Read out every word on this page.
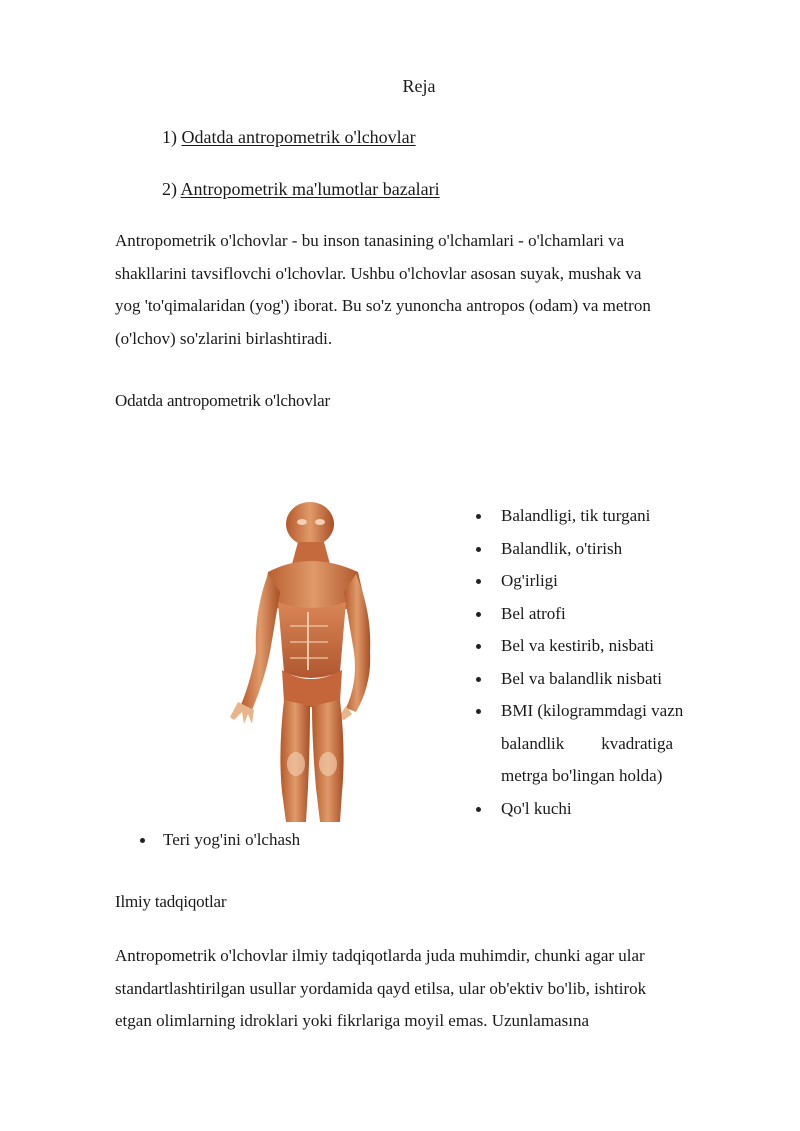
Reja
1) Odatda antropometrik o'lchovlar
2) Antropometrik ma'lumotlar bazalari
Antropometrik o'lchovlar - bu inson tanasining o'lchamlari - o'lchamlari va
shakllarini tavsiflovchi o'lchovlar. Ushbu o'lchovlar asosan suyak, mushak va
yog 'to'qimalaridan (yog') iborat. Bu so'z yunoncha antropos (odam) va metron
(o'lchov) so'zlarini birlashtiradi.
Odatda antropometrik o'lchovlar
Balandligi, tik turgani
Balandlik, o'tirish
Og'irligi
Bel atrofi
Bel va kestirib, nisbati
Bel va balandlik nisbati
BMI (kilogrammdagi vazn
balandlik kvadratiga
metrga bo'lingan holda)
Qo'l kuchi
Teri yog'ini o'lchash
Ilmiy tadqiqotlar
Antropometrik o'lchovlar ilmiy tadqiqotlarda juda muhimdir, chunki agar ular
standartlashtirilgan usullar yordamida qayd etilsa, ular ob'ektiv bo'lib, ishtirok
etgan olimlarning idroklari yoki fikrlariga moyil emas. Uzunlamasına
